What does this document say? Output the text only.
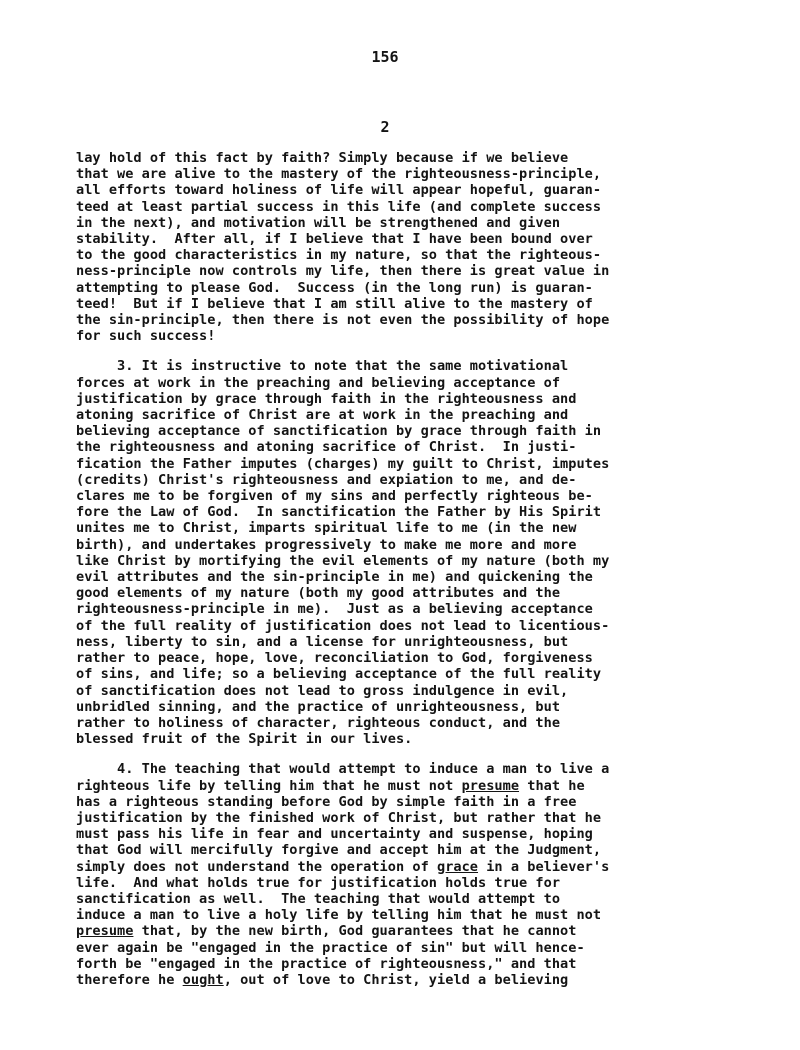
156
2
lay hold of this fact by faith? Simply because if we believe
that we are alive to the mastery of the righteousness-principle,
all efforts toward holiness of life will appear hopeful, guaran-
teed at least partial success in this life (and complete success
in the next), and motivation will be strengthened and given
stability.  After all, if I believe that I have been bound over
to the good characteristics in my nature, so that the righteous-
ness-principle now controls my life, then there is great value in
attempting to please God.  Success (in the long run) is guaran-
teed!  But if I believe that I am still alive to the mastery of
the sin-principle, then there is not even the possibility of hope
for such success!
3. It is instructive to note that the same motivational
forces at work in the preaching and believing acceptance of
justification by grace through faith in the righteousness and
atoning sacrifice of Christ are at work in the preaching and
believing acceptance of sanctification by grace through faith in
the righteousness and atoning sacrifice of Christ.  In justi-
fication the Father imputes (charges) my guilt to Christ, imputes
(credits) Christ's righteousness and expiation to me, and de-
clares me to be forgiven of my sins and perfectly righteous be-
fore the Law of God.  In sanctification the Father by His Spirit
unites me to Christ, imparts spiritual life to me (in the new
birth), and undertakes progressively to make me more and more
like Christ by mortifying the evil elements of my nature (both my
evil attributes and the sin-principle in me) and quickening the
good elements of my nature (both my good attributes and the
righteousness-principle in me).  Just as a believing acceptance
of the full reality of justification does not lead to licentious-
ness, liberty to sin, and a license for unrighteousness, but
rather to peace, hope, love, reconciliation to God, forgiveness
of sins, and life; so a believing acceptance of the full reality
of sanctification does not lead to gross indulgence in evil,
unbridled sinning, and the practice of unrighteousness, but
rather to holiness of character, righteous conduct, and the
blessed fruit of the Spirit in our lives.
4. The teaching that would attempt to induce a man to live a
righteous life by telling him that he must not presume that he
has a righteous standing before God by simple faith in a free
justification by the finished work of Christ, but rather that he
must pass his life in fear and uncertainty and suspense, hoping
that God will mercifully forgive and accept him at the Judgment,
simply does not understand the operation of grace in a believer's
life.  And what holds true for justification holds true for
sanctification as well.  The teaching that would attempt to
induce a man to live a holy life by telling him that he must not
presume that, by the new birth, God guarantees that he cannot
ever again be "engaged in the practice of sin" but will hence-
forth be "engaged in the practice of righteousness," and that
therefore he ought, out of love to Christ, yield a believing
